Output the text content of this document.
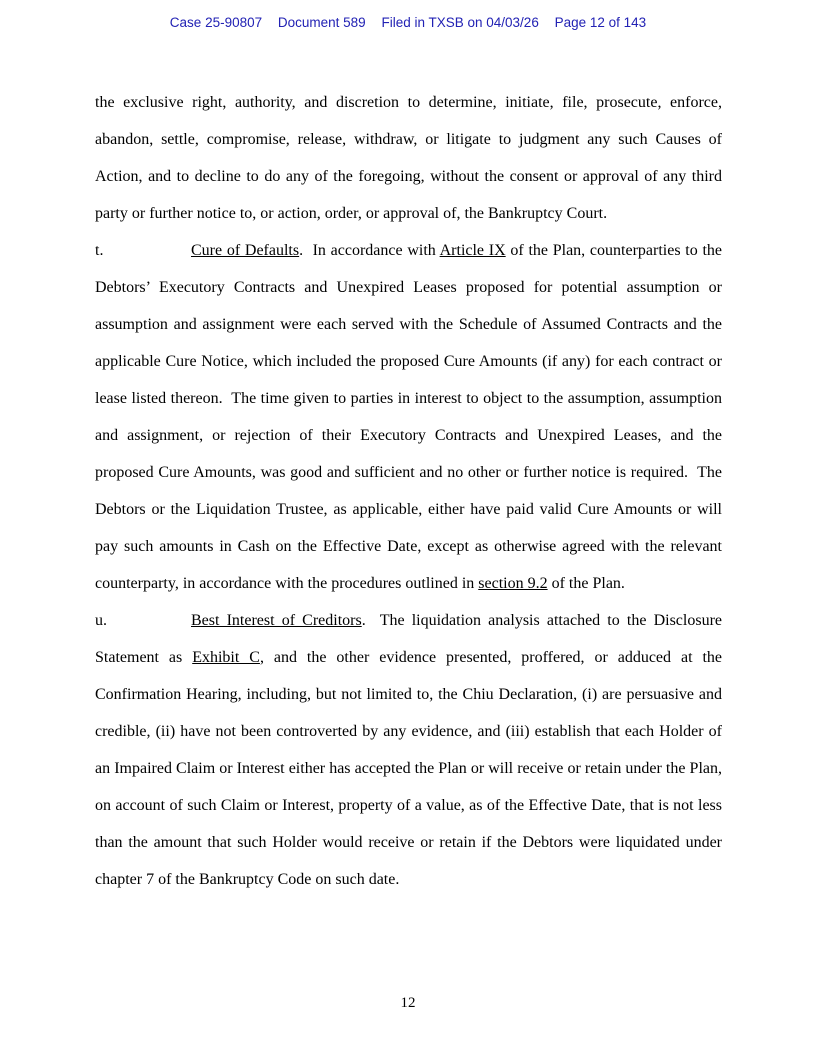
Case 25-90807 Document 589 Filed in TXSB on 04/03/26 Page 12 of 143

the exclusive right, authority, and discretion to determine, initiate, file, prosecute, enforce, abandon, settle, compromise, release, withdraw, or litigate to judgment any such Causes of Action, and to decline to do any of the foregoing, without the consent or approval of any third party or further notice to, or action, order, or approval of, the Bankruptcy Court.

t.	Cure of Defaults.  In accordance with Article IX of the Plan, counterparties to the Debtors’ Executory Contracts and Unexpired Leases proposed for potential assumption or assumption and assignment were each served with the Schedule of Assumed Contracts and the applicable Cure Notice, which included the proposed Cure Amounts (if any) for each contract or lease listed thereon.  The time given to parties in interest to object to the assumption, assumption and assignment, or rejection of their Executory Contracts and Unexpired Leases, and the proposed Cure Amounts, was good and sufficient and no other or further notice is required.  The Debtors or the Liquidation Trustee, as applicable, either have paid valid Cure Amounts or will pay such amounts in Cash on the Effective Date, except as otherwise agreed with the relevant counterparty, in accordance with the procedures outlined in section 9.2 of the Plan.

u.	Best Interest of Creditors.  The liquidation analysis attached to the Disclosure Statement as Exhibit C, and the other evidence presented, proffered, or adduced at the Confirmation Hearing, including, but not limited to, the Chiu Declaration, (i) are persuasive and credible, (ii) have not been controverted by any evidence, and (iii) establish that each Holder of an Impaired Claim or Interest either has accepted the Plan or will receive or retain under the Plan, on account of such Claim or Interest, property of a value, as of the Effective Date, that is not less than the amount that such Holder would receive or retain if the Debtors were liquidated under chapter 7 of the Bankruptcy Code on such date.

12
